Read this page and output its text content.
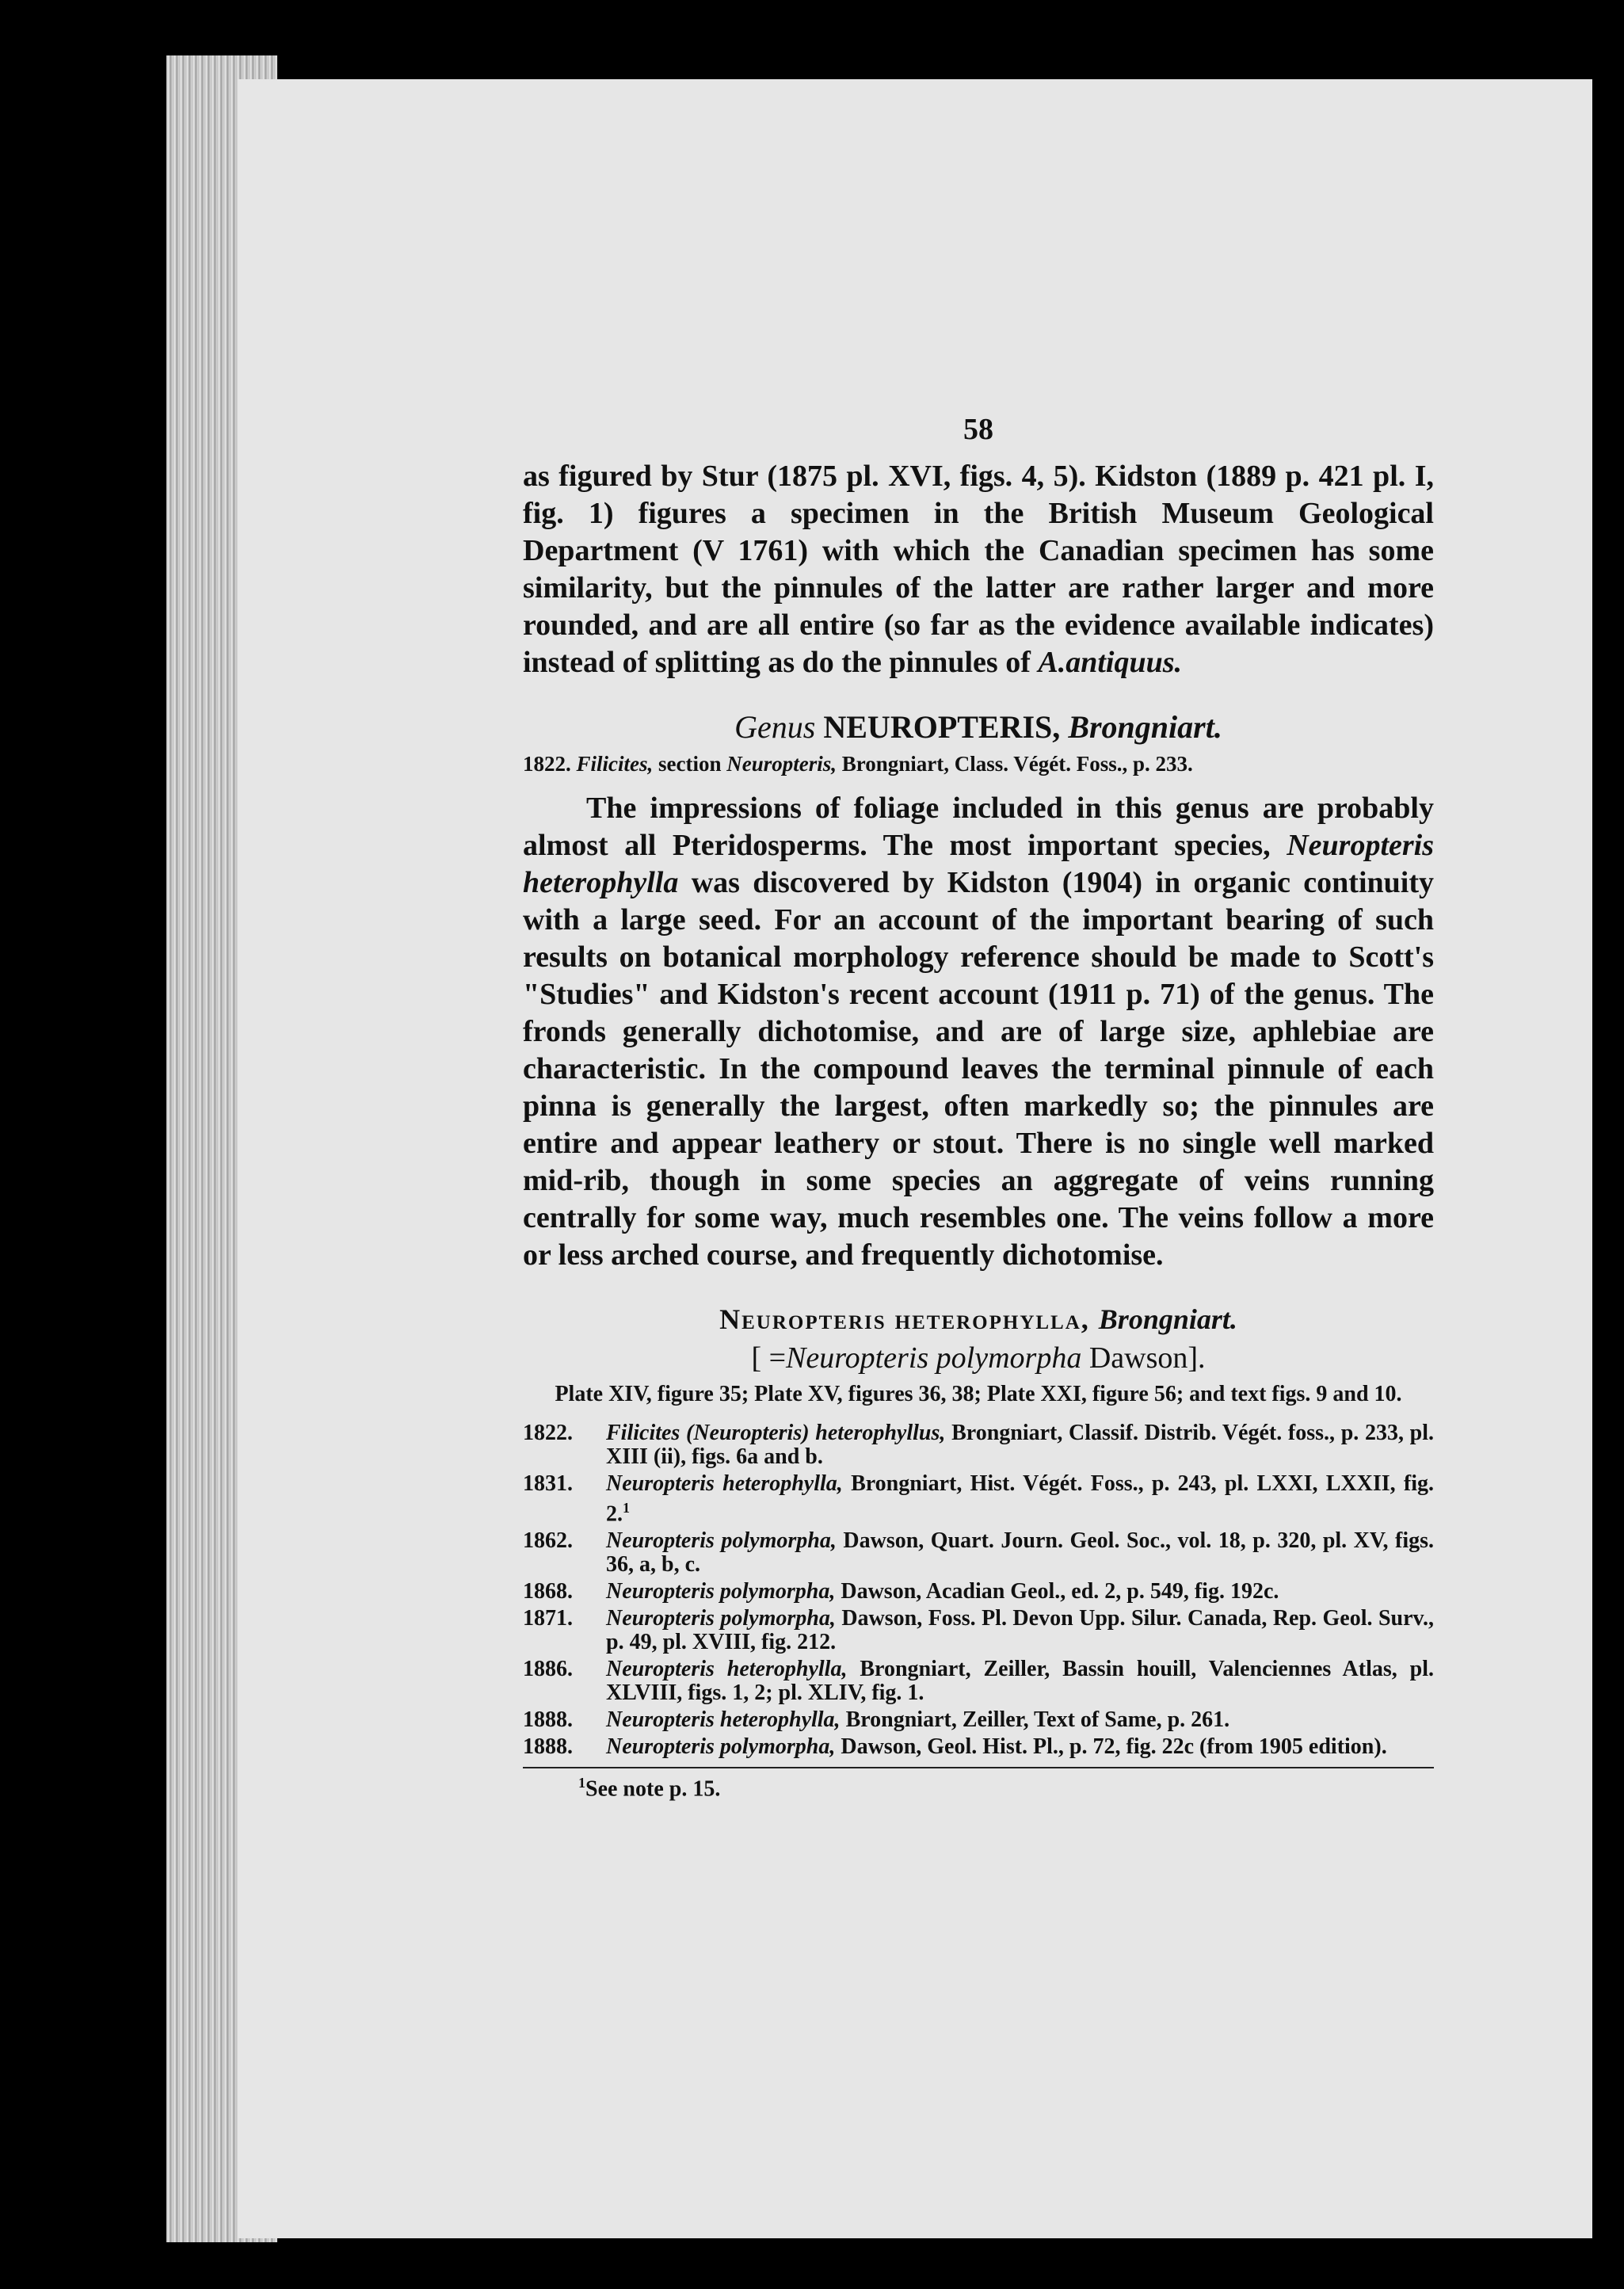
58

as figured by Stur (1875 pl. XVI, figs. 4, 5). Kidston (1889 p. 421 pl. I, fig. 1) figures a specimen in the British Museum Geological Department (V 1761) with which the Canadian specimen has some similarity, but the pinnules of the latter are rather larger and more rounded, and are all entire (so far as the evidence available indicates) instead of splitting as do the pinnules of A.antiquus.

Genus NEUROPTERIS, Brongniart.

1822. Filicites, section Neuropteris, Brongniart, Class. Végét. Foss., p. 233.

The impressions of foliage included in this genus are probably almost all Pteridosperms. The most important species, Neuropteris heterophylla was discovered by Kidston (1904) in organic continuity with a large seed. For an account of the important bearing of such results on botanical morphology reference should be made to Scott's "Studies" and Kidston's recent account (1911 p. 71) of the genus. The fronds generally dichotomise, and are of large size, aphlebiae are characteristic. In the compound leaves the terminal pinnule of each pinna is generally the largest, often markedly so; the pinnules are entire and appear leathery or stout. There is no single well marked mid-rib, though in some species an aggregate of veins running centrally for some way, much resembles one. The veins follow a more or less arched course, and frequently dichotomise.

Neuropteris heterophylla, Brongniart.
[ =Neuropteris polymorpha Dawson].
Plate XIV, figure 35; Plate XV, figures 36, 38; Plate XXI, figure 56; and text figs. 9 and 10.
1822.	Filicites (Neuropteris) heterophyllus, Brongniart, Classif. Distrib. Végét. foss., p. 233, pl. XIII (ii), figs. 6a and b.
1831.	Neuropteris heterophylla, Brongniart, Hist. Végét. Foss., p. 243, pl. LXXI, LXXII, fig. 2.$^1$
1862.	Neuropteris polymorpha, Dawson, Quart. Journ. Geol. Soc., vol. 18, p. 320, pl. XV, figs. 36, a, b, c.
1868.	Neuropteris polymorpha, Dawson, Acadian Geol., ed. 2, p. 549, fig. 192c.
1871.	Neuropteris polymorpha, Dawson, Foss. Pl. Devon Upp. Silur. Canada, Rep. Geol. Surv., p. 49, pl. XVIII, fig. 212.
1886.	Neuropteris heterophylla, Brongniart, Zeiller, Bassin houill, Valenciennes Atlas, pl. XLVIII, figs. 1, 2; pl. XLIV, fig. 1.
1888.	Neuropteris heterophylla, Brongniart, Zeiller, Text of Same, p. 261.
1888.	Neuropteris polymorpha, Dawson, Geol. Hist. Pl., p. 72, fig. 22c (from 1905 edition).
$^1$See note p. 15.
